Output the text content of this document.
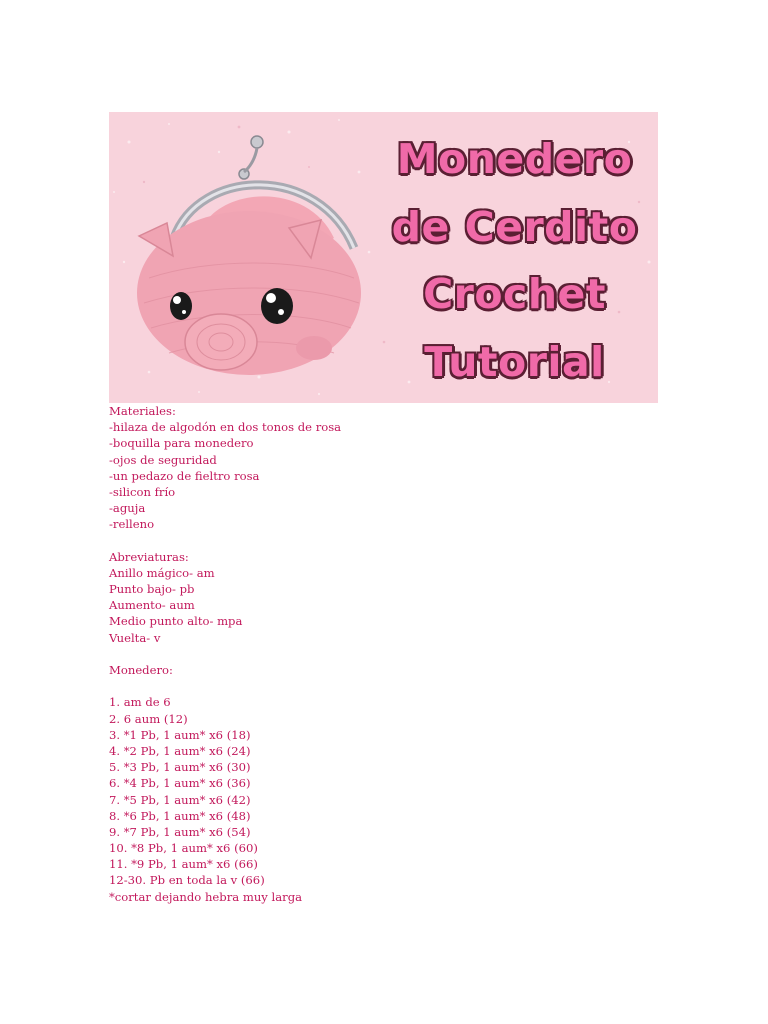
Monedero
de Cerdito
Crochet
Tutorial
Materiales:
-hilaza de algodón en dos tonos de rosa
-boquilla para monedero
-ojos de seguridad
-un pedazo de fieltro rosa
-silicon frío
-aguja
-relleno
Abreviaturas:
Anillo mágico- am
Punto bajo- pb
Aumento- aum
Medio punto alto- mpa
Vuelta- v
Monedero:
1. am de 6
2. 6 aum (12)
3. *1 Pb, 1 aum* x6 (18)
4. *2 Pb, 1 aum* x6 (24)
5. *3 Pb, 1 aum* x6 (30)
6. *4 Pb, 1 aum* x6 (36)
7. *5 Pb, 1 aum* x6 (42)
8. *6 Pb, 1 aum* x6 (48)
9. *7 Pb, 1 aum* x6 (54)
10. *8 Pb, 1 aum* x6 (60)
11. *9 Pb, 1 aum* x6 (66)
12-30. Pb en toda la v (66)
*cortar dejando hebra muy larga
